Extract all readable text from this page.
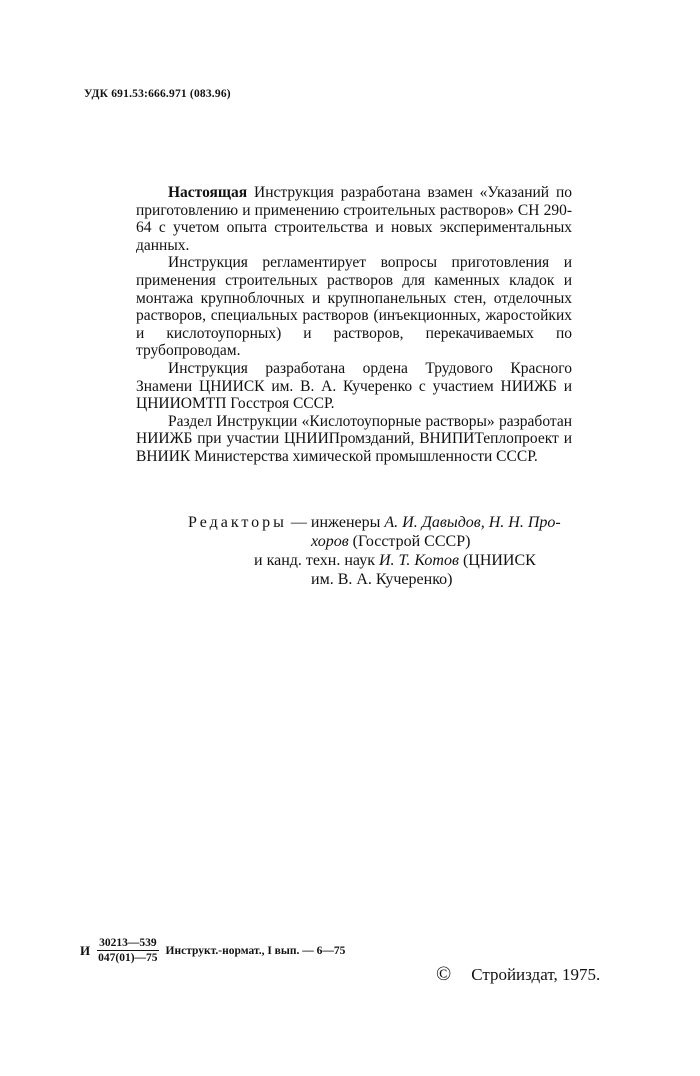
УДК 691.53:666.971 (083.96)

Настоящая Инструкция разработана взамен «Указаний по приготовлению и применению строительных растворов» СН 290-64 с учетом опыта строительства и новых экспериментальных данных.

Инструкция регламентирует вопросы приготовления и применения строительных растворов для каменных кладок и монтажа крупноблочных и крупнопанельных стен, отделочных растворов, специальных растворов (инъекционных, жаростойких и кислотоупорных) и растворов, перекачиваемых по трубопроводам.

Инструкция разработана ордена Трудового Красного Знамени ЦНИИСК им. В. А. Кучеренко с участием НИИЖБ и ЦНИИОМТП Госстроя СССР.

Раздел Инструкции «Кислотоупорные растворы» разработан НИИЖБ при участии ЦНИИПромзданий, ВНИПИТеплопроект и ВНИИК Министерства химической промышленности СССР.

Редакторы — инженеры А. И. Давыдов, Н. Н. Про-
хоров (Госстрой СССР)
и канд. техн. наук И. Т. Котов (ЦНИИСК
им. В. А. Кучеренко)
И $\frac{30213—539}{047(01)—75}$ Инструкт.-нормат., I вып. — 6—75
© Стройиздат, 1975.
